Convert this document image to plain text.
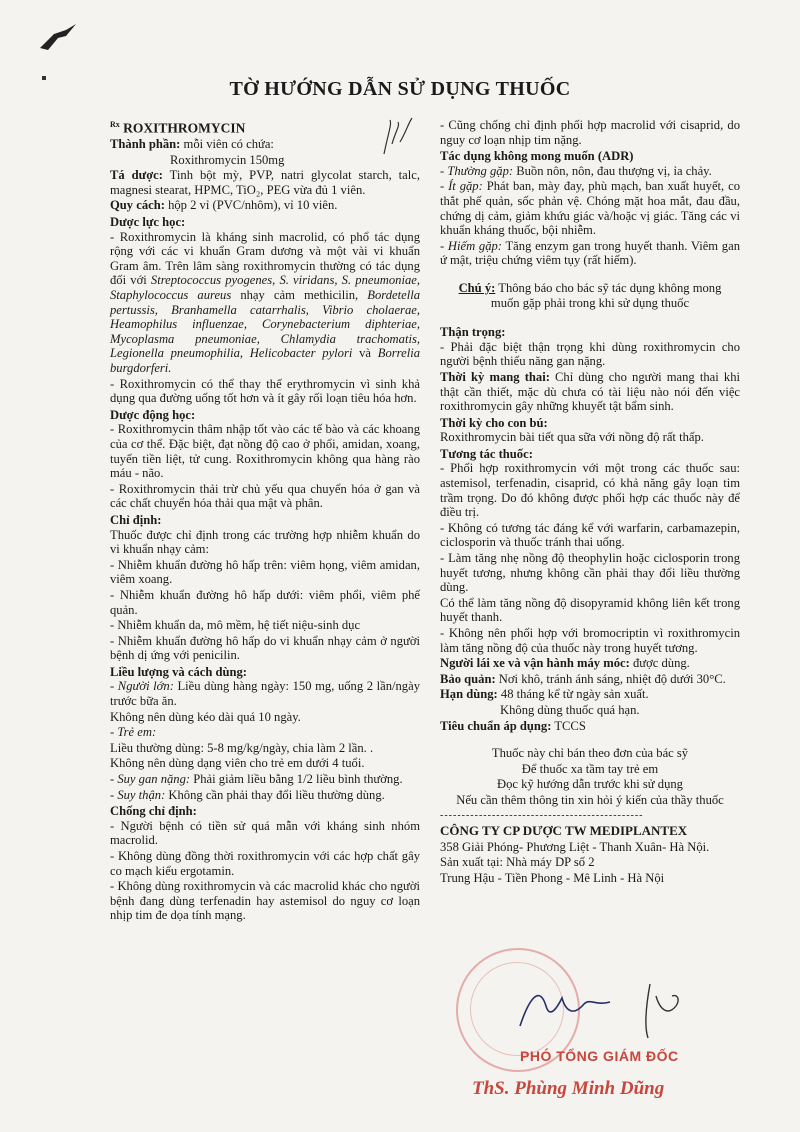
TỜ HƯỚNG DẪN SỬ DỤNG THUỐC

$^{Rx}$ ROXITHROMYCIN

Thành phần: mỗi viên có chứa:

Roxithromycin 150mg

Tá dược: Tinh bột mỳ, PVP, natri glycolat starch, talc, magnesi stearat, HPMC, TiO₂, PEG vừa đủ 1 viên.

Quy cách: hộp 2 vỉ (PVC/nhôm), vỉ 10 viên.

Dược lực học:

- Roxithromycin là kháng sinh macrolid, có phổ tác dụng rộng với các vi khuẩn Gram dương và một vài vi khuẩn Gram âm. Trên lâm sàng roxithromycin thường có tác dụng đối với Streptococcus pyogenes, S. viridans, S. pneumoniae, Staphylococcus aureus nhạy cảm methicilin, Bordetella pertussis, Branhamella catarrhalis, Vibrio cholaerae, Heamophilus influenzae, Corynebacterium diphteriae, Mycoplasma pneumoniae, Chlamydia trachomatis, Legionella pneumophilia, Helicobacter pylori và Borrelia burgdorferi.

- Roxithromycin có thể thay thế erythromycin vì sinh khả dụng qua đường uống tốt hơn và ít gây rối loạn tiêu hóa hơn.

Dược động học:

- Roxithromycin thâm nhập tốt vào các tế bào và các khoang của cơ thể. Đặc biệt, đạt nồng độ cao ở phổi, amidan, xoang, tuyến tiền liệt, tử cung. Roxithromycin không qua hàng rào máu - não.

- Roxithromycin thải trừ chủ yếu qua chuyển hóa ở gan và các chất chuyển hóa thải qua mật và phân.

Chỉ định:

Thuốc được chỉ định trong các trường hợp nhiễm khuẩn do vi khuẩn nhạy cảm:

- Nhiễm khuẩn đường hô hấp trên: viêm họng, viêm amidan, viêm xoang.

- Nhiễm khuẩn đường hô hấp dưới: viêm phổi, viêm phế quản.

- Nhiễm khuẩn da, mô mềm, hệ tiết niệu-sinh dục

- Nhiễm khuẩn đường hô hấp do vi khuẩn nhạy cảm ở người bệnh dị ứng với penicilin.

Liều lượng và cách dùng:

- Người lớn: Liều dùng hàng ngày: 150 mg, uống 2 lần/ngày trước bữa ăn.

Không nên dùng kéo dài quá 10 ngày.

- Trẻ em:

Liều thường dùng: 5-8 mg/kg/ngày, chia làm 2 lần. .

Không nên dùng dạng viên cho trẻ em dưới 4 tuổi.

- Suy gan nặng: Phải giảm liều bằng 1/2 liều bình thường.

- Suy thận: Không cần phải thay đổi liều thường dùng.

Chống chỉ định:

- Người bệnh có tiền sử quá mẫn với kháng sinh nhóm macrolid.

- Không dùng đồng thời roxithromycin với các hợp chất gây co mạch kiểu ergotamin.

- Không dùng roxithromycin và các macrolid khác cho người bệnh đang dùng terfenadin hay astemisol do nguy cơ loạn nhịp tim đe dọa tính mạng.

- Cũng chống chỉ định phối hợp macrolid với cisaprid, do nguy cơ loạn nhịp tim nặng.

Tác dụng không mong muốn (ADR)

- Thường gặp: Buồn nôn, nôn, đau thượng vị, ỉa chảy.

- Ít gặp: Phát ban, mày đay, phù mạch, ban xuất huyết, co thắt phế quản, sốc phản vệ. Chóng mặt hoa mắt, đau đầu, chứng dị cảm, giảm khứu giác và/hoặc vị giác. Tăng các vi khuẩn kháng thuốc, bội nhiễm.

- Hiếm gặp: Tăng enzym gan trong huyết thanh. Viêm gan ứ mật, triệu chứng viêm tụy (rất hiếm).

Chú ý: Thông báo cho bác sỹ tác dụng không mong muốn gặp phải trong khi sử dụng thuốc

Thận trọng:

- Phải đặc biệt thận trọng khi dùng roxithromycin cho người bệnh thiểu năng gan nặng.

Thời kỳ mang thai: Chỉ dùng cho người mang thai khi thật cần thiết, mặc dù chưa có tài liệu nào nói đến việc roxithromycin gây những khuyết tật bẩm sinh.

Thời kỳ cho con bú:

Roxithromycin bài tiết qua sữa với nồng độ rất thấp.

Tương tác thuốc:

- Phối hợp roxithromycin với một trong các thuốc sau: astemisol, terfenadin, cisaprid, có khả năng gây loạn tim trầm trọng. Do đó không được phối hợp các thuốc này để điều trị.

- Không có tương tác đáng kể với warfarin, carbamazepin, ciclosporin và thuốc tránh thai uống.

- Làm tăng nhẹ nồng độ theophylin hoặc ciclosporin trong huyết tương, nhưng không cần phải thay đổi liều thường dùng.

Có thể làm tăng nồng độ disopyramid không liên kết trong huyết thanh.

- Không nên phối hợp với bromocriptin vì roxithromycin làm tăng nồng độ của thuốc này trong huyết tương.

Người lái xe và vận hành máy móc: được dùng.

Bảo quản: Nơi khô, tránh ánh sáng, nhiệt độ dưới 30°C.

Hạn dùng: 48 tháng kể từ ngày sản xuất.

Không dùng thuốc quá hạn.

Tiêu chuẩn áp dụng: TCCS

Thuốc này chỉ bán theo đơn của bác sỹ

Để thuốc xa tầm tay trẻ em

Đọc kỹ hướng dẫn trước khi sử dụng

Nếu cần thêm thông tin xin hỏi ý kiến của thầy thuốc

-----------------------------------------------

CÔNG TY CP DƯỢC TW MEDIPLANTEX

358 Giải Phóng- Phương Liệt - Thanh Xuân- Hà Nội.

Sản xuất tại: Nhà máy DP số 2

Trung Hậu - Tiền Phong - Mê Linh - Hà Nội

PHÓ TỔNG GIÁM ĐỐC
ThS. Phùng Minh Dũng
